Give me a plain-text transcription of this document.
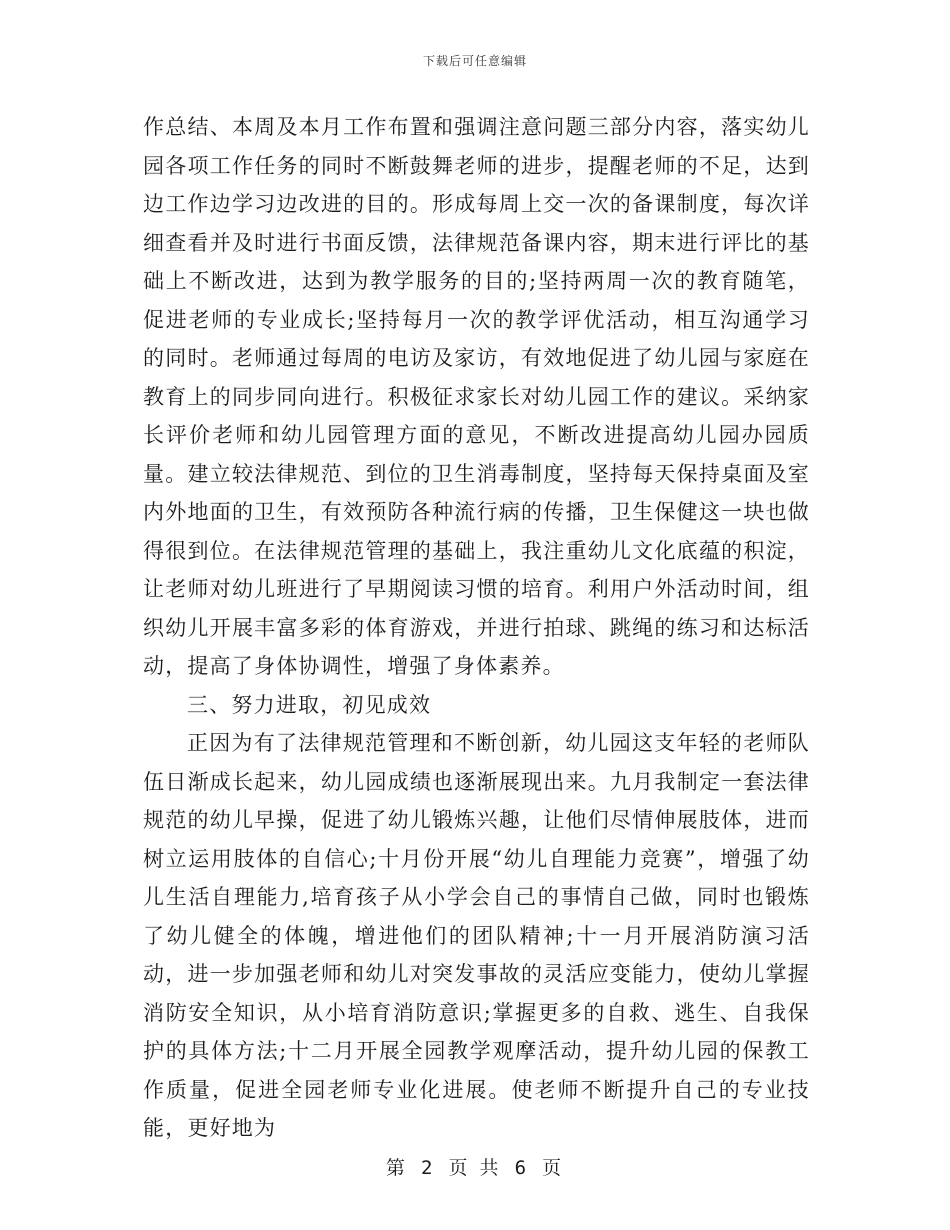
下载后可任意编辑

作总结、本周及本月工作布置和强调注意问题三部分内容，落实幼儿园各项工作任务的同时不断鼓舞老师的进步，提醒老师的不足，达到边工作边学习边改进的目的。形成每周上交一次的备课制度，每次详细查看并及时进行书面反馈，法律规范备课内容，期末进行评比的基础上不断改进，达到为教学服务的目的;坚持两周一次的教育随笔，促进老师的专业成长;坚持每月一次的教学评优活动，相互沟通学习的同时。老师通过每周的电访及家访，有效地促进了幼儿园与家庭在教育上的同步同向进行。积极征求家长对幼儿园工作的建议。采纳家长评价老师和幼儿园管理方面的意见，不断改进提高幼儿园办园质量。建立较法律规范、到位的卫生消毒制度，坚持每天保持桌面及室内外地面的卫生，有效预防各种流行病的传播，卫生保健这一块也做得很到位。在法律规范管理的基础上，我注重幼儿文化底蕴的积淀，让老师对幼儿班进行了早期阅读习惯的培育。利用户外活动时间，组织幼儿开展丰富多彩的体育游戏，并进行拍球、跳绳的练习和达标活动，提高了身体协调性，增强了身体素养。

三、努力进取，初见成效

正因为有了法律规范管理和不断创新，幼儿园这支年轻的老师队伍日渐成长起来，幼儿园成绩也逐渐展现出来。九月我制定一套法律规范的幼儿早操，促进了幼儿锻炼兴趣，让他们尽情伸展肢体，进而树立运用肢体的自信心;十月份开展“幼儿自理能力竞赛”，增强了幼儿生活自理能力,培育孩子从小学会自己的事情自己做，同时也锻炼了幼儿健全的体魄，增进他们的团队精神;十一月开展消防演习活动，进一步加强老师和幼儿对突发事故的灵活应变能力，使幼儿掌握消防安全知识，从小培育消防意识;掌握更多的自救、逃生、自我保护的具体方法;十二月开展全园教学观摩活动，提升幼儿园的保教工作质量，促进全园老师专业化进展。使老师不断提升自己的专业技能，更好地为

第 2 页 共 6 页
